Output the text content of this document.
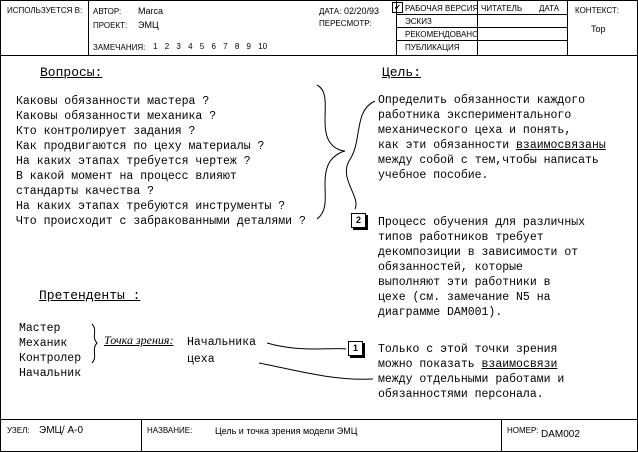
ИСПОЛЬЗУЕТСЯ В: АВТОР: Marca
ПРОЕКТ: ЭМЦ
ЗАМЕЧАНИЯ: 1 2 3 4 5 6 7 8 9 10
ДАТА: 02/20/93
ПЕРЕСМОТР:
✔ РАБОЧАЯ ВЕРСИЯ
ЭСКИЗ
РЕКОМЕНДОВАНО
ПУБЛИКАЦИЯ
ЧИТАТЕЛЬ ДАТА КОНТЕКСТ:
Top
Вопросы:
Каковы обязанности мастера ?
Каковы обязанности механика ?
Кто контролирует задания ?
Как продвигаются по цеху материалы ?
На каких этапах требуется чертеж ?
В какой момент на процесс влияют
стандарты качества ?
На каких этапах требуются инструменты ?
Что происходит с забракованными деталями ?
Цель:
Определить обязанности каждого
работника экспериментального
механического цеха и понять,
как эти обязанности взаимосвязаны
между собой с тем,чтобы написать
учебное пособие.
2	Процесс обучения для различных
типов работников требует
декомпозиции в зависимости от
обязанностей, которые
выполняют эти работники в
цехе (см. замечание N5 на
диаграмме DAM001).
Претенденты :
Мастер
Механик
Контролер
Начальник
Точка зрения: Начальника
цеха
1	Только с этой точки зрения
можно показать взаимосвязи
между отдельными работами и
обязанностями персонала.
УЗЕЛ: ЭМЦ/ А-0	НАЗВАНИЕ:	Цель и точка зрения модели ЭМЦ	НОМЕР: DAM002
